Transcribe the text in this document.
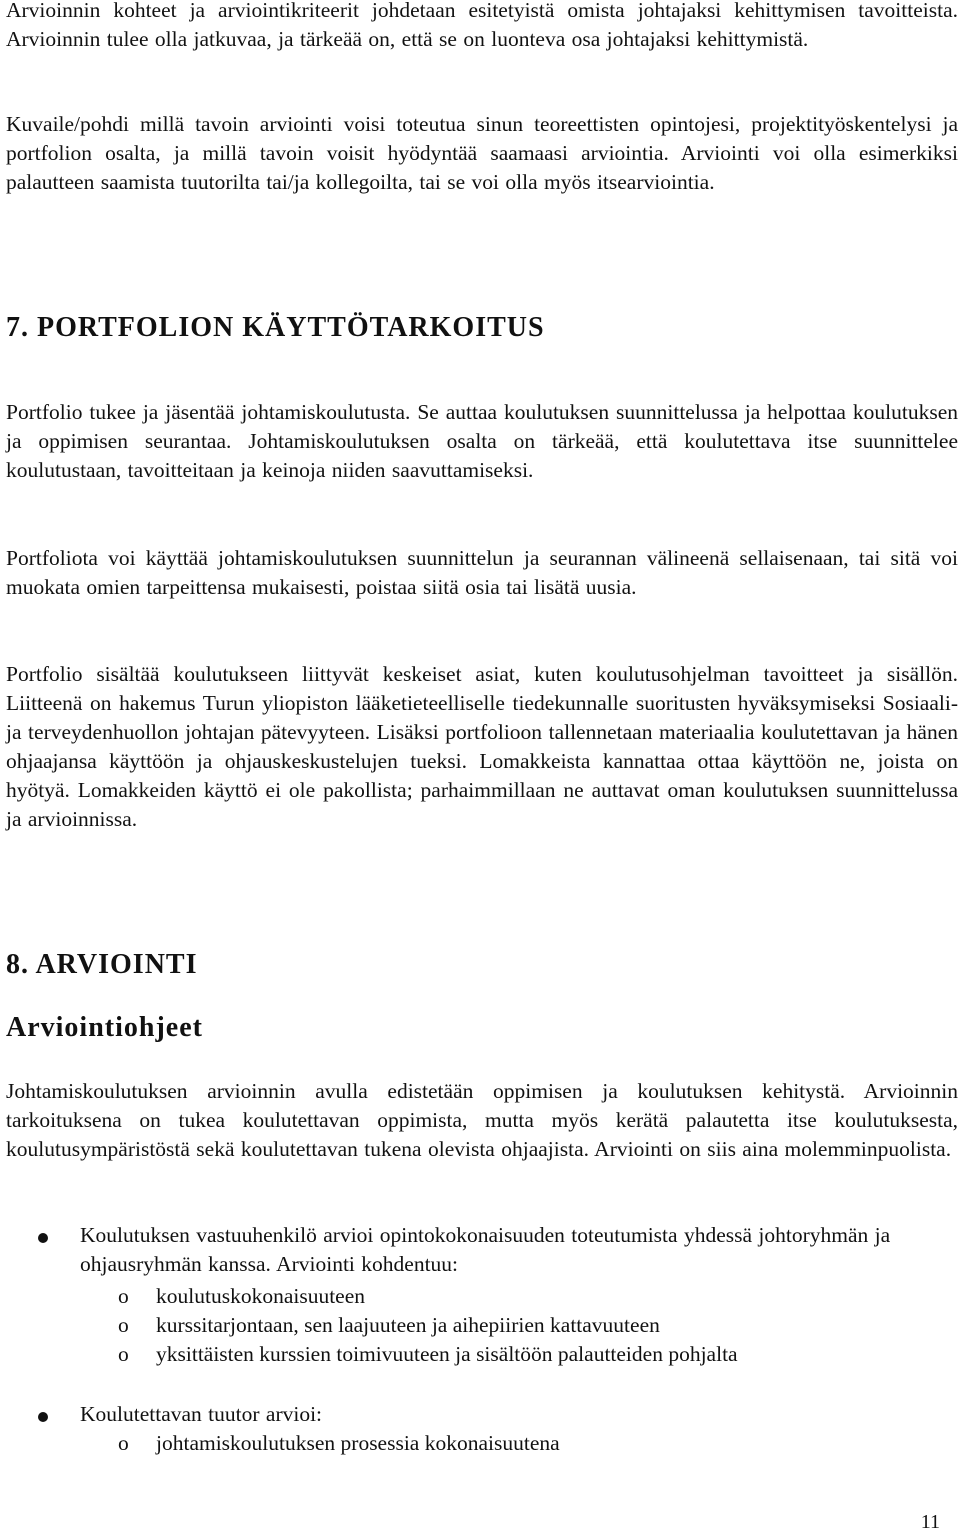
Arvioinnin kohteet ja arviointikriteerit johdetaan esitetyistä omista johtajaksi kehittymisen tavoitteista. Arvioinnin tulee olla jatkuvaa, ja tärkeää on, että se on luonteva osa johtajaksi kehittymistä.

Kuvaile/pohdi millä tavoin arviointi voisi toteutua sinun teoreettisten opintojesi, projektityöskentelysi ja portfolion osalta, ja millä tavoin voisit hyödyntää saamaasi arviointia. Arviointi voi olla esimerkiksi palautteen saamista tuutorilta tai/ja kollegoilta, tai se voi olla myös itsearviointia.

7. PORTFOLION KÄYTTÖTARKOITUS

Portfolio tukee ja jäsentää johtamiskoulutusta. Se auttaa koulutuksen suunnittelussa ja helpottaa koulutuksen ja oppimisen seurantaa. Johtamiskoulutuksen osalta on tärkeää, että koulutettava itse suunnittelee koulutustaan, tavoitteitaan ja keinoja niiden saavuttamiseksi.

Portfoliota voi käyttää johtamiskoulutuksen suunnittelun ja seurannan välineenä sellaisenaan, tai sitä voi muokata omien tarpeittensa mukaisesti, poistaa siitä osia tai lisätä uusia.

Portfolio sisältää koulutukseen liittyvät keskeiset asiat, kuten koulutusohjelman tavoitteet ja sisällön. Liitteenä on hakemus Turun yliopiston lääketieteelliselle tiedekunnalle suoritusten hyväksymiseksi Sosiaali- ja terveydenhuollon johtajan pätevyyteen. Lisäksi portfolioon tallennetaan materiaalia koulutettavan ja hänen ohjaajansa käyttöön ja ohjauskeskustelujen tueksi. Lomakkeista kannattaa ottaa käyttöön ne, joista on hyötyä. Lomakkeiden käyttö ei ole pakollista; parhaimmillaan ne auttavat oman koulutuksen suunnittelussa ja arvioinnissa.

8. ARVIOINTI
Arviointiohjeet

Johtamiskoulutuksen arvioinnin avulla edistetään oppimisen ja koulutuksen kehitystä. Arvioinnin tarkoituksena on tukea koulutettavan oppimista, mutta myös kerätä palautetta itse koulutuksesta, koulutusympäristöstä sekä koulutettavan tukena olevista ohjaajista. Arviointi on siis aina molemminpuolista.

Koulutuksen vastuuhenkilö arvioi opintokokonaisuuden toteutumista yhdessä johtoryhmän ja ohjausryhmän kanssa. Arviointi kohdentuu:

o koulutuskokonaisuuteen
o kurssitarjontaan, sen laajuuteen ja aihepiirien kattavuuteen
o yksittäisten kurssien toimivuuteen ja sisältöön palautteiden pohjalta

Koulutettavan tuutor arvioi:

o johtamiskoulutuksen prosessia kokonaisuutena
11
